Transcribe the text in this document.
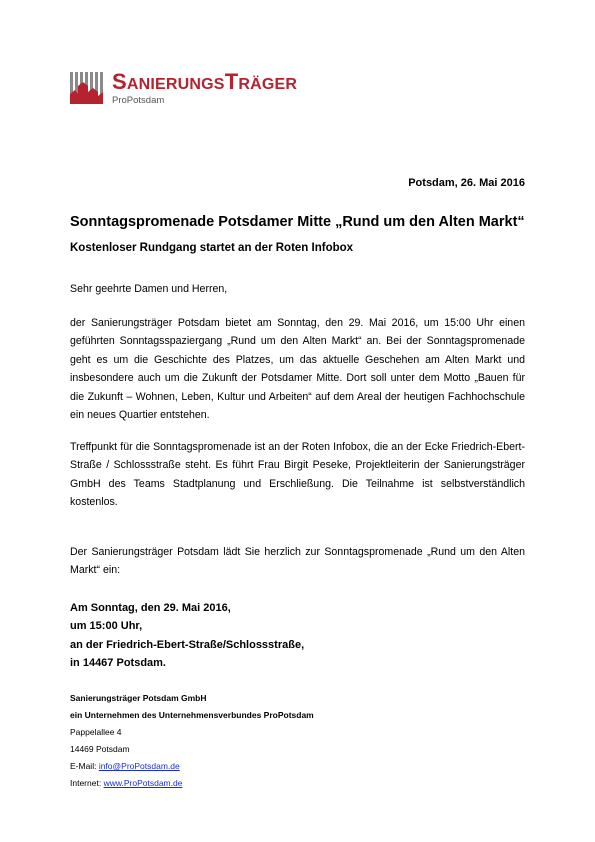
SANIERUNGSTRÄGER
ProPotsdam
Potsdam, 26. Mai 2016
Sonntagspromenade Potsdamer Mitte „Rund um den Alten Markt“
Kostenloser Rundgang startet an der Roten Infobox
Sehr geehrte Damen und Herren,
der Sanierungsträger Potsdam bietet am Sonntag, den 29. Mai 2016, um 15:00 Uhr einen geführten Sonntagsspaziergang „Rund um den Alten Markt“ an. Bei der Sonntagspromenade geht es um die Geschichte des Platzes, um das aktuelle Geschehen am Alten Markt und insbesondere auch um die Zukunft der Potsdamer Mitte. Dort soll unter dem Motto „Bauen für die Zukunft – Wohnen, Leben, Kultur und Arbeiten“ auf dem Areal der heutigen Fachhochschule ein neues Quartier entstehen.
Treffpunkt für die Sonntagspromenade ist an der Roten Infobox, die an der Ecke Friedrich-Ebert-Straße / Schlossstraße steht. Es führt Frau Birgit Peseke, Projektleiterin der Sanierungsträger GmbH des Teams Stadtplanung und Erschließung. Die Teilnahme ist selbstverständlich kostenlos.
Der Sanierungsträger Potsdam lädt Sie herzlich zur Sonntagspromenade „Rund um den Alten Markt“ ein:
Am Sonntag, den 29. Mai 2016,
um 15:00 Uhr,
an der Friedrich-Ebert-Straße/Schlossstraße,
in 14467 Potsdam.
Sanierungsträger Potsdam GmbH
ein Unternehmen des Unternehmensverbundes ProPotsdam
Pappelallee 4
14469 Potsdam
E-Mail: info@ProPotsdam.de
Internet: www.ProPotsdam.de
